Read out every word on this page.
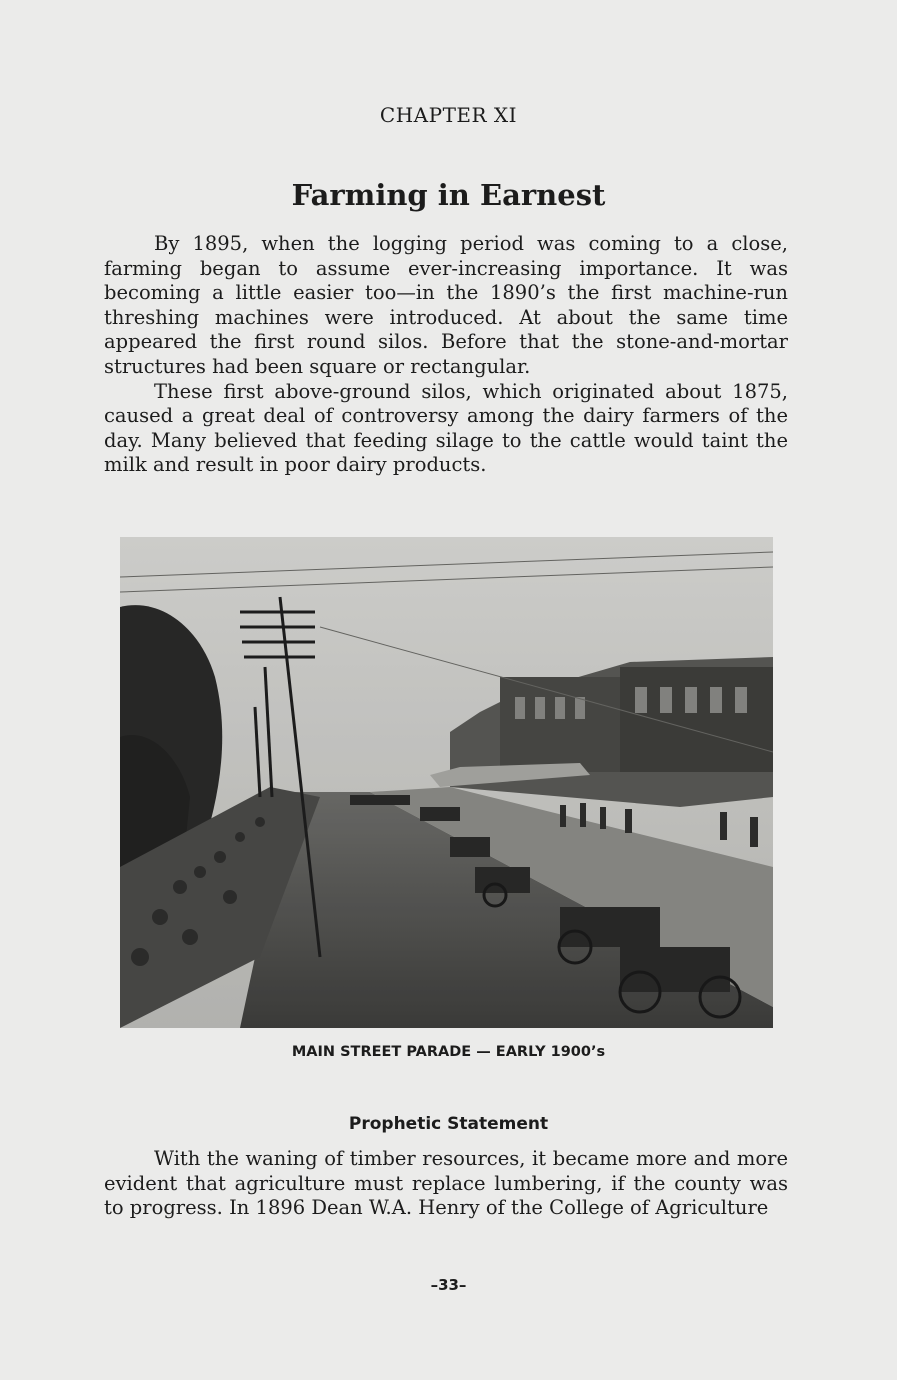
CHAPTER XI
Farming in Earnest

By 1895, when the logging period was coming to a close, farming began to assume ever-increasing importance. It was becoming a little easier too—in the 1890’s the first machine-run threshing machines were introduced. At about the same time appeared the first round silos. Before that the stone-and-mortar structures had been square or rectangular.

These first above-ground silos, which originated about 1875, caused a great deal of controversy among the dairy farmers of the day. Many believed that feeding silage to the cattle would taint the milk and result in poor dairy products.

MAIN STREET PARADE — EARLY 1900’s
Prophetic Statement

With the waning of timber resources, it became more and more evident that agriculture must replace lumbering, if the county was to progress. In 1896 Dean W.A. Henry of the College of Agriculture

–33–
